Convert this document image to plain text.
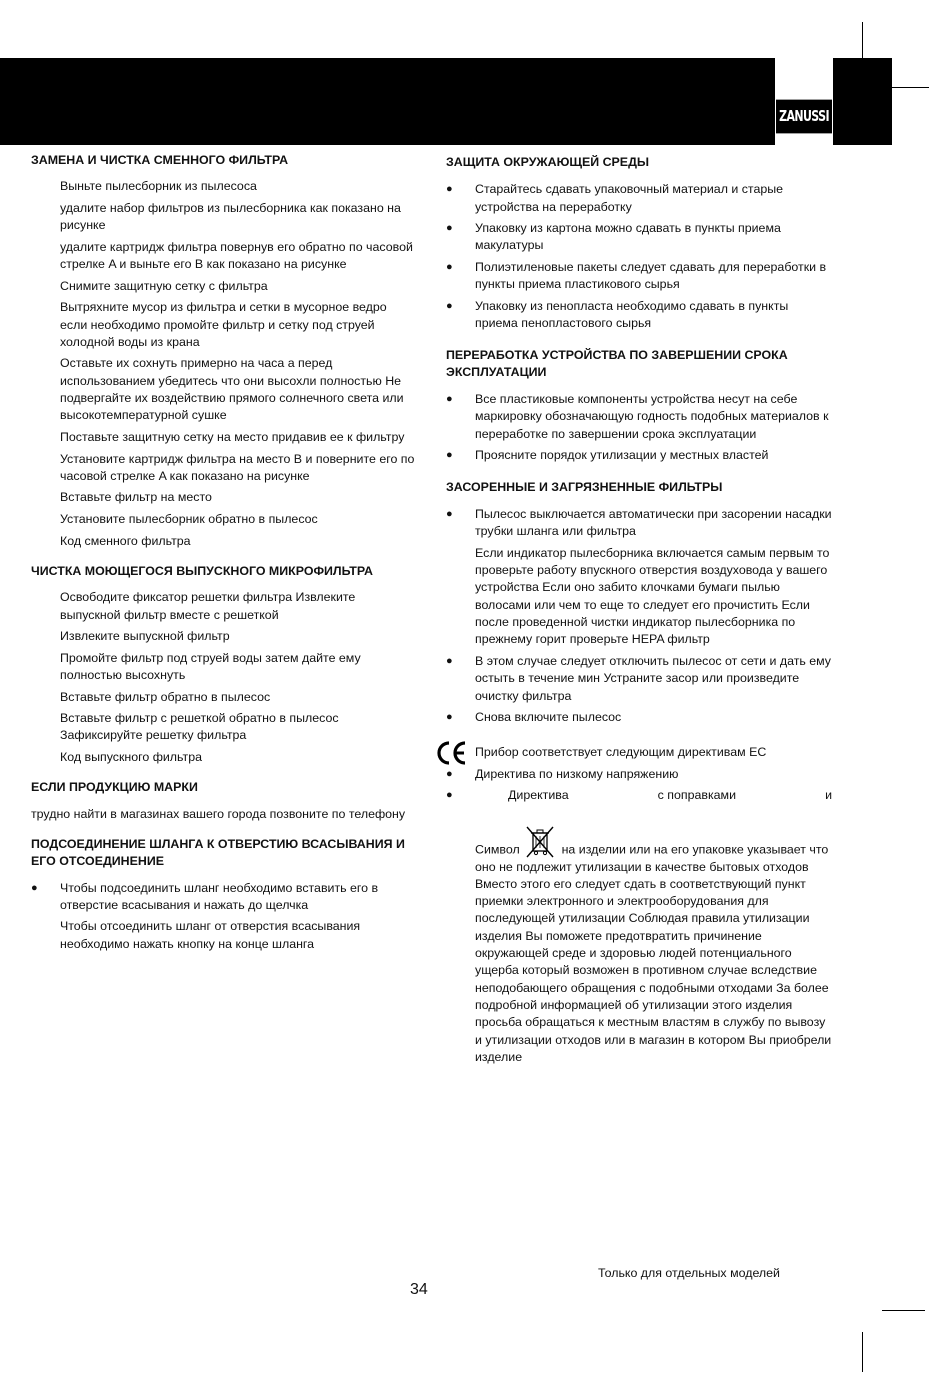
ZANUSSI

ЗАМЕНА И ЧИСТКА СМЕННОГО ФИЛЬТРА

Выньте пылесборник из пылесоса

удалите набор фильтров из пылесборника как показано на рисунке

удалите картридж фильтра повернув его обратно по часовой стрелке A и выньте его B как показано на рисунке

Снимите защитную сетку с фильтра

Вытряхните мусор из фильтра и сетки в мусорное ведро если необходимо промойте фильтр и сетку под струей холодной воды из крана

Оставьте их сохнуть примерно на часа а перед использованием убедитесь что они высохли полностью Не подвергайте их воздействию прямого солнечного света или высокотемпературной сушке

Поставьте защитную сетку на место придавив ее к фильтру

Установите картридж фильтра на место B и поверните его по часовой стрелке A как показано на рисунке

Вставьте фильтр на место

Установите пылесборник обратно в пылесос

Код сменного фильтра

ЧИСТКА МОЮЩЕГОСЯ ВЫПУСКНОГО МИКРОФИЛЬТРА

Освободите фиксатор решетки фильтра Извлеките выпускной фильтр вместе с решеткой

Извлеките выпускной фильтр

Промойте фильтр под струей воды затем дайте ему полностью высохнуть

Вставьте фильтр обратно в пылесос

Вставьте фильтр с решеткой обратно в пылесос Зафиксируйте решетку фильтра

Код выпускного фильтра

ЕСЛИ ПРОДУКЦИЮ МАРКИ

трудно найти в магазинах вашего города позвоните по телефону

ПОДСОЕДИНЕНИЕ ШЛАНГА К ОТВЕРСТИЮ ВСАСЫВАНИЯ И ЕГО ОТСОЕДИНЕНИЕ

● Чтобы подсоединить шланг необходимо вставить его в отверстие всасывания и нажать до щелчка

Чтобы отсоединить шланг от отверстия всасывания необходимо нажать кнопку на конце шланга

ЗАЩИТА ОКРУЖАЮЩЕЙ СРЕДЫ

● Старайтесь сдавать упаковочный материал и старые устройства на переработку
● Упаковку из картона можно сдавать в пункты приема макулатуры
● Полиэтиленовые пакеты следует сдавать для переработки в пункты приема пластикового сырья
● Упаковку из пенопласта необходимо сдавать в пункты приема пенопластового сырья

ПЕРЕРАБОТКА УСТРОЙСТВА ПО ЗАВЕРШЕНИИ СРОКА ЭКСПЛУАТАЦИИ

● Все пластиковые компоненты устройства несут на себе маркировку обозначающую годность подобных материалов к переработке по завершении срока эксплуатации
● Проясните порядок утилизации у местных властей

ЗАСОРЕННЫЕ И ЗАГРЯЗНЕННЫЕ ФИЛЬТРЫ

● Пылесос выключается автоматически при засорении насадки трубки шланга или фильтра

Если индикатор пылесборника включается самым первым то проверьте работу впускного отверстия воздуховода у вашего устройства Если оно забито клочками бумаги пылью волосами или чем то еще то следует его прочистить Если после проведенной чистки индикатор пылесборника по прежнему горит проверьте HEPA фильтр

● В этом случае следует отключить пылесос от сети и дать ему остыть в течение мин Устраните засор или произведите очистку фильтра
● Снова включите пылесос
Прибор соответствует следующим директивам ЕС
● Директива по низкому напряжению
●	Директива	с поправками	и

Символ	на изделии или на его упаковке указывает что оно не подлежит утилизации в качестве бытовых отходов Вместо этого его следует сдать в соответствующий пункт приемки электронного и электрооборудования для последующей утилизации Соблюдая правила утилизации изделия Вы поможете предотвратить причинение окружающей среде и здоровью людей потенциального ущерба который возможен в противном случае вследствие неподобающего обращения с подобными отходами За более подробной информацией об утилизации этого изделия просьба обращаться к местным властям в службу по вывозу и утилизации отходов или в магазин в котором Вы приобрели изделие

34
Только для отдельных моделей
